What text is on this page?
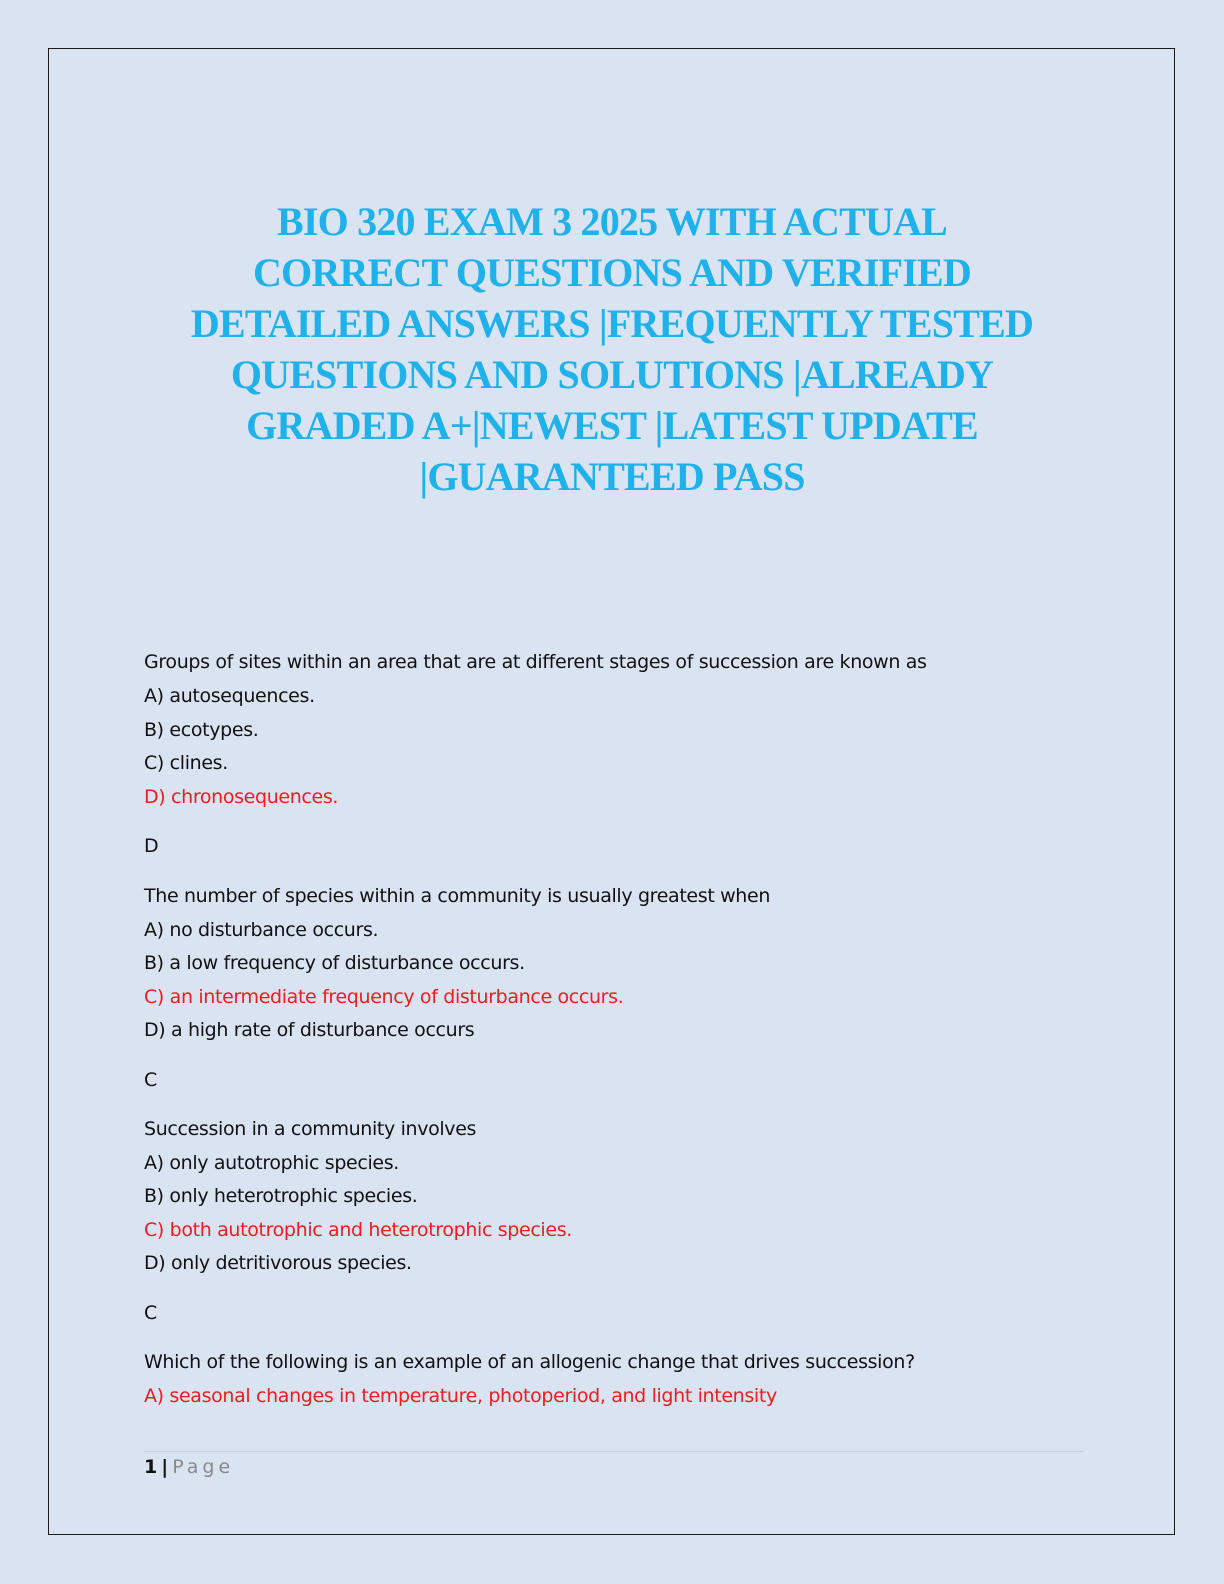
BIO 320 EXAM 3 2025 WITH ACTUAL
CORRECT QUESTIONS AND VERIFIED
DETAILED ANSWERS |FREQUENTLY TESTED
QUESTIONS AND SOLUTIONS |ALREADY
GRADED A+|NEWEST |LATEST UPDATE
|GUARANTEED PASS
Groups of sites within an area that are at different stages of succession are known as
A) autosequences.
B) ecotypes.
C) clines.
D) chronosequences.
D
The number of species within a community is usually greatest when
A) no disturbance occurs.
B) a low frequency of disturbance occurs.
C) an intermediate frequency of disturbance occurs.
D) a high rate of disturbance occurs
C
Succession in a community involves
A) only autotrophic species.
B) only heterotrophic species.
C) both autotrophic and heterotrophic species.
D) only detritivorous species.
C
Which of the following is an example of an allogenic change that drives succession?
A) seasonal changes in temperature, photoperiod, and light intensity
1 | Page
